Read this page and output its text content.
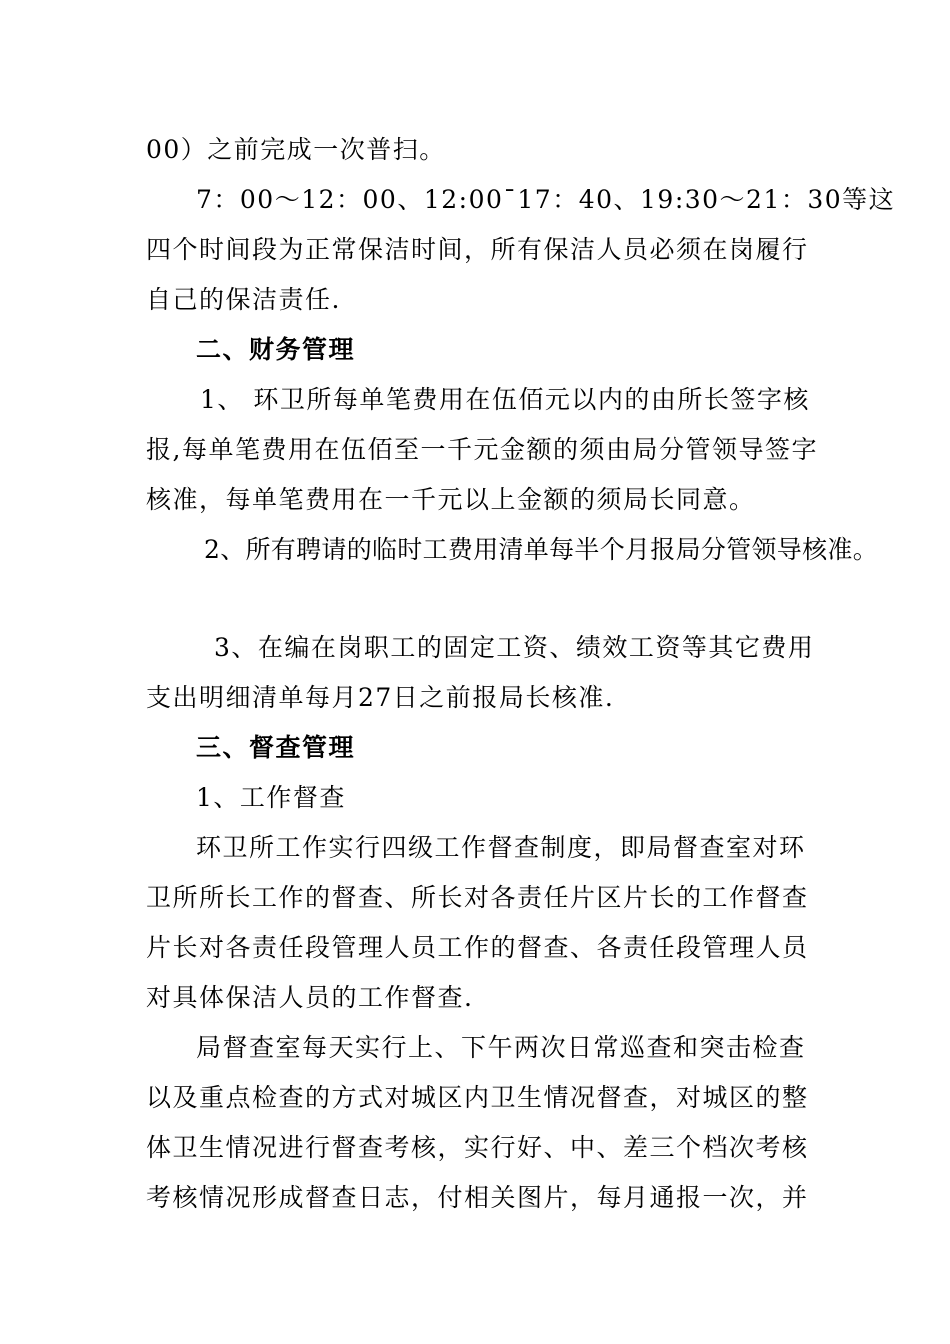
00）之前完成一次普扫。
7：00～12：00、12:00¯17：40、19:30～21：30等这
四个时间段为正常保洁时间，所有保洁人员必须在岗履行
自己的保洁责任.
二、财务管理
1、 环卫所每单笔费用在伍佰元以内的由所长签字核
报,每单笔费用在伍佰至一千元金额的须由局分管领导签字
核准，每单笔费用在一千元以上金额的须局长同意。
2、所有聘请的临时工费用清单每半个月报局分管领导核准。
3、在编在岗职工的固定工资、绩效工资等其它费用
支出明细清单每月27日之前报局长核准.
三、督查管理
1、工作督查
环卫所工作实行四级工作督查制度，即局督查室对环
卫所所长工作的督查、所长对各责任片区片长的工作督查
片长对各责任段管理人员工作的督查、各责任段管理人员
对具体保洁人员的工作督查.
局督查室每天实行上、下午两次日常巡查和突击检查
以及重点检查的方式对城区内卫生情况督查，对城区的整
体卫生情况进行督查考核，实行好、中、差三个档次考核
考核情况形成督查日志，付相关图片，每月通报一次，并
